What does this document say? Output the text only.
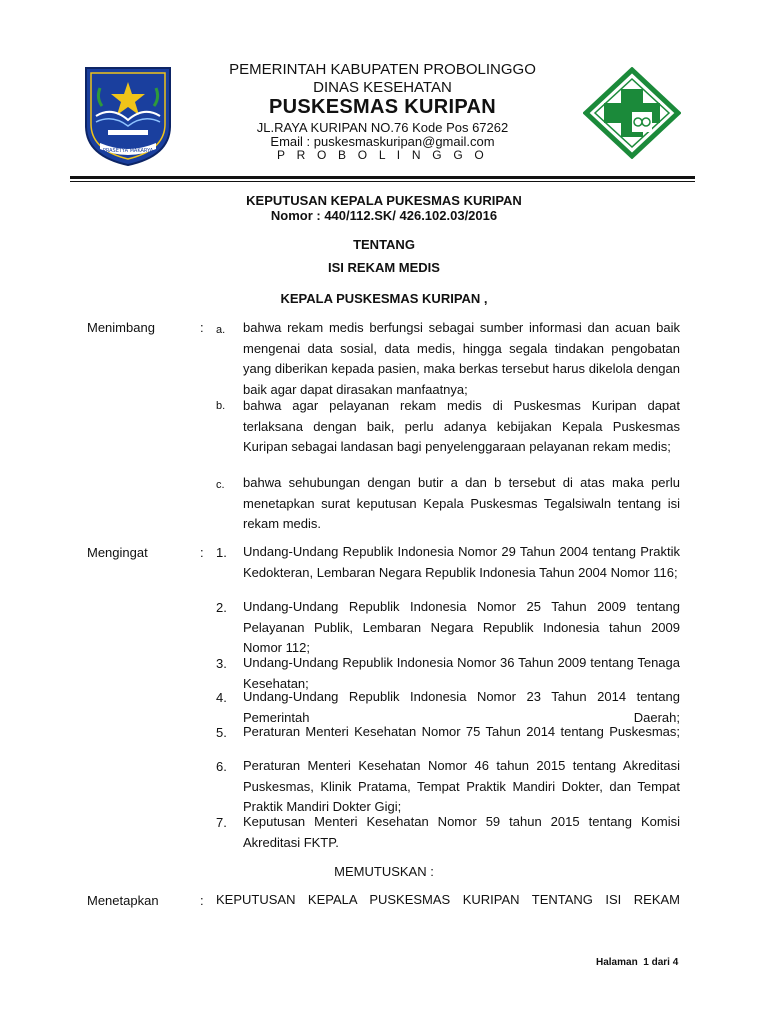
PRASETYA MAKARYA
PEMERINTAH KABUPATEN PROBOLINGGO
DINAS KESEHATAN
PUSKESMAS KURIPAN
JL.RAYA KURIPAN NO.76 Kode Pos 67262
Email : puskesmaskuripan@gmail.com
P R O B O L I N G G O
KEPUTUSAN KEPALA PUKESMAS KURIPAN
Nomor : 440/112.SK/ 426.102.03/2016
TENTANG
ISI REKAM MEDIS
KEPALA PUSKESMAS KURIPAN ,
Menimbang	: a. bahwa rekam medis berfungsi sebagai sumber informasi dan acuan baik mengenai data sosial, data medis, hingga segala tindakan pengobatan yang diberikan kepada pasien, maka berkas tersebut harus dikelola dengan baik agar dapat dirasakan manfaatnya;
b. bahwa agar pelayanan rekam medis di Puskesmas Kuripan dapat terlaksana dengan baik, perlu adanya kebijakan Kepala Puskesmas Kuripan sebagai landasan bagi penyelenggaraan pelayanan rekam medis;
c. bahwa sehubungan dengan butir a dan b tersebut di atas maka perlu menetapkan surat keputusan Kepala Puskesmas Tegalsiwaln tentang isi rekam medis.
Mengingat	: 1. Undang-Undang Republik Indonesia Nomor 29 Tahun 2004 tentang Praktik Kedokteran, Lembaran Negara Republik Indonesia Tahun 2004 Nomor 116;
2. Undang-Undang Republik Indonesia Nomor 25 Tahun 2009 tentang Pelayanan Publik, Lembaran Negara Republik Indonesia tahun 2009 Nomor 112;
3. Undang-Undang Republik Indonesia Nomor 36 Tahun 2009 tentang Tenaga Kesehatan;
4. Undang-Undang Republik Indonesia Nomor 23 Tahun 2014 tentang Pemerintah Daerah;
5. Peraturan Menteri Kesehatan Nomor 75 Tahun 2014 tentang Puskesmas;
6. Peraturan Menteri Kesehatan Nomor 46 tahun 2015 tentang Akreditasi Puskesmas, Klinik Pratama, Tempat Praktik Mandiri Dokter, dan Tempat Praktik Mandiri Dokter Gigi;
7. Keputusan Menteri Kesehatan Nomor 59 tahun 2015 tentang Komisi Akreditasi FKTP.
MEMUTUSKAN :
Menetapkan	: KEPUTUSAN KEPALA PUSKESMAS KURIPAN TENTANG ISI REKAM
Halaman 1 dari 4
